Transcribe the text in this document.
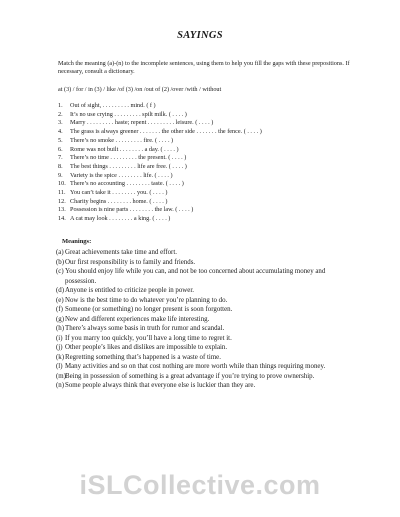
SAYINGS
Match the meaning (a)-(n) to the incomplete sentences, using them to help you fill the gaps with these prepositions. If necessary, consult a dictionary.
at (3) / for / in (3) / like /of (3) /on /out of (2) /over /with / without
1.	Out of sight, . . . . . . . . . mind. ( f )
2.	It’s no use crying . . . . . . . . . spilt milk. ( . . . . )
3.	Marry . . . . . . . . . haste; repent . . . . . . . . . leisure. ( . . . . )
4.	The grass is always greener . . . . . . . the other side . . . . . . . the fence. ( . . . . )
5.	There’s no smoke . . . . . . . . . fire. ( . . . . )
6.	Rome was not built . . . . . . . . a day. ( . . . . )
7.	There’s no time . . . . . . . . . the present. ( . . . . )
8.	The best things . . . . . . . . . life are free. ( . . . . )
9.	Variety is the spice . . . . . . . . life. ( . . . . )
10. There’s no accounting . . . . . . . . taste. ( . . . . )
11. You can’t take it . . . . . . . . you. ( . . . . )
12. Charity begins . . . . . . . . home. ( . . . . )
13. Possession is nine parts . . . . . . . . the law. ( . . . . )
14. A cat may look . . . . . . . . a king. ( . . . . )
Meanings:
(a) Great achievements take time and effort.
(b) Our first responsibility is to family and friends.
(c) You should enjoy life while you can, and not be too concerned about accumulating money and possession.
(d) Anyone is entitled to criticize people in power.
(e) Now is the best time to do whatever you’re planning to do.
(f) Someone (or something) no longer present is soon forgotten.
(g) New and different experiences make life interesting.
(h) There’s always some basis in truth for rumor and scandal.
(i) If you marry too quickly, you’ll have a long time to regret it.
(j) Other people’s likes and dislikes are impossible to explain.
(k) Regretting something that’s happened is a waste of time.
(l) Many activities and so on that cost nothing are more worth while than things requiring money.
(m) Being in possession of something is a great advantage if you’re trying to prove ownership.
(n) Some people always think that everyone else is luckier than they are.
iSLCollective.com
